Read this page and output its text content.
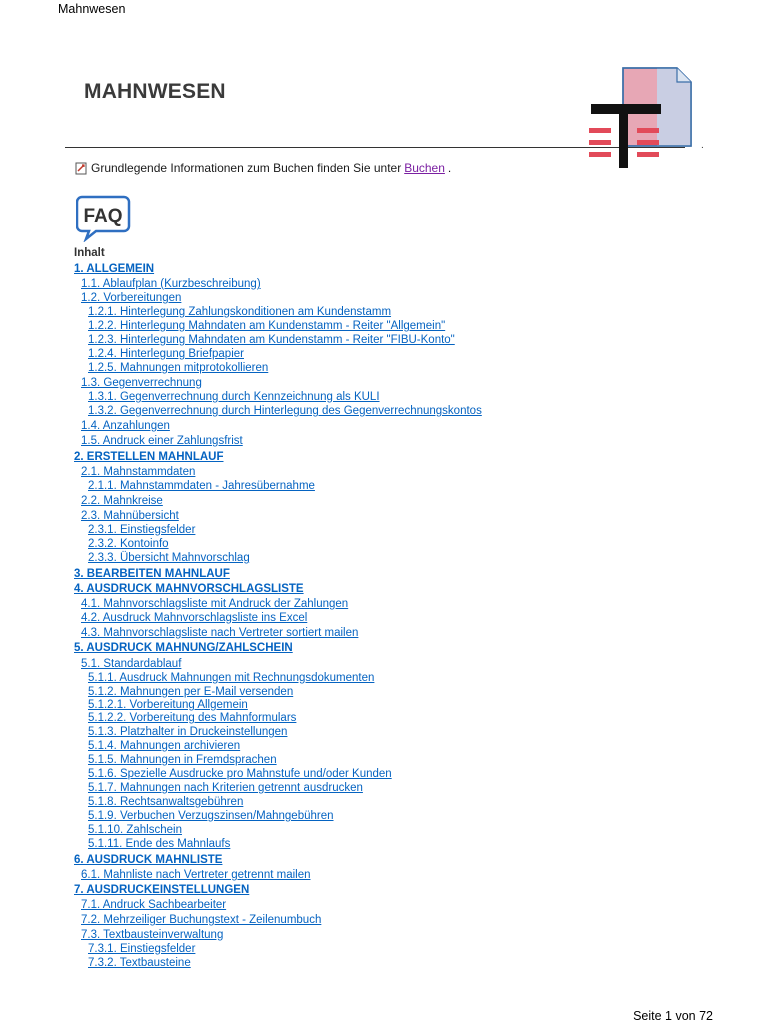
Mahnwesen
MAHNWESEN
.
Grundlegende Informationen zum Buchen finden Sie unter Buchen .
FAQ
Inhalt
1. ALLGEMEIN
1.1. Ablaufplan (Kurzbeschreibung)
1.2. Vorbereitungen
1.2.1. Hinterlegung Zahlungskonditionen am Kundenstamm
1.2.2. Hinterlegung Mahndaten am Kundenstamm - Reiter "Allgemein"
1.2.3. Hinterlegung Mahndaten am Kundenstamm - Reiter "FIBU-Konto"
1.2.4. Hinterlegung Briefpapier
1.2.5. Mahnungen mitprotokollieren
1.3. Gegenverrechnung
1.3.1. Gegenverrechnung durch Kennzeichnung als KULI
1.3.2. Gegenverrechnung durch Hinterlegung des Gegenverrechnungskontos
1.4. Anzahlungen
1.5. Andruck einer Zahlungsfrist
2. ERSTELLEN MAHNLAUF
2.1. Mahnstammdaten
2.1.1. Mahnstammdaten - Jahresübernahme
2.2. Mahnkreise
2.3. Mahnübersicht
2.3.1. Einstiegsfelder
2.3.2. Kontoinfo
2.3.3. Übersicht Mahnvorschlag
3. BEARBEITEN MAHNLAUF
4. AUSDRUCK MAHNVORSCHLAGSLISTE
4.1. Mahnvorschlagsliste mit Andruck der Zahlungen
4.2. Ausdruck Mahnvorschlagsliste ins Excel
4.3. Mahnvorschlagsliste nach Vertreter sortiert mailen
5. AUSDRUCK MAHNUNG/ZAHLSCHEIN
5.1. Standardablauf
5.1.1. Ausdruck Mahnungen mit Rechnungsdokumenten
5.1.2. Mahnungen per E-Mail versenden
5.1.2.1. Vorbereitung Allgemein
5.1.2.2. Vorbereitung des Mahnformulars
5.1.3. Platzhalter in Druckeinstellungen
5.1.4. Mahnungen archivieren
5.1.5. Mahnungen in Fremdsprachen
5.1.6. Spezielle Ausdrucke pro Mahnstufe und/oder Kunden
5.1.7. Mahnungen nach Kriterien getrennt ausdrucken
5.1.8. Rechtsanwaltsgebühren
5.1.9. Verbuchen Verzugszinsen/Mahngebühren
5.1.10. Zahlschein
5.1.11. Ende des Mahnlaufs
6. AUSDRUCK MAHNLISTE
6.1. Mahnliste nach Vertreter getrennt mailen
7. AUSDRUCKEINSTELLUNGEN
7.1. Andruck Sachbearbeiter
7.2. Mehrzeiliger Buchungstext - Zeilenumbuch
7.3. Textbausteinverwaltung
7.3.1. Einstiegsfelder
7.3.2. Textbausteine
Seite 1 von 72
